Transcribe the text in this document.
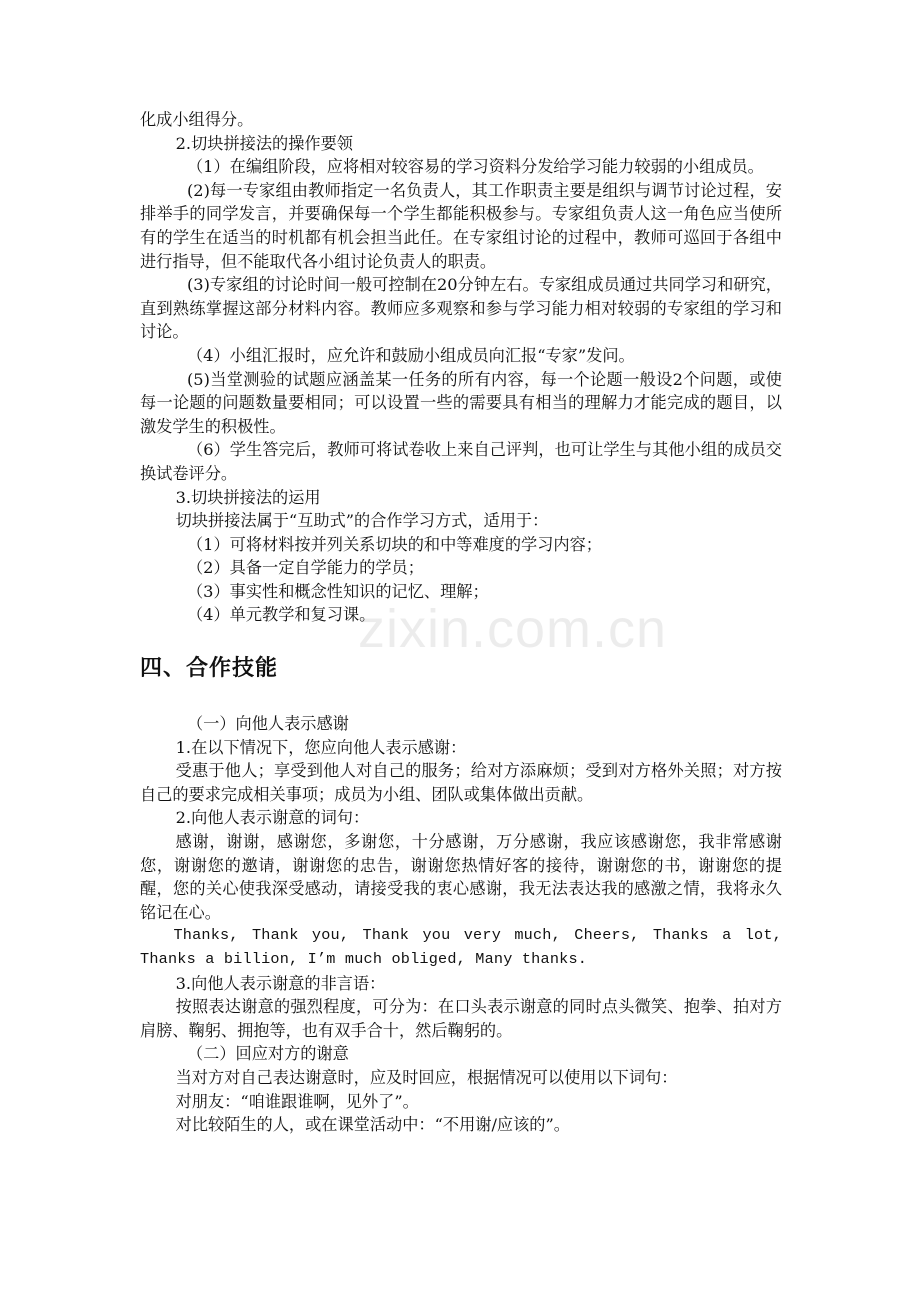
化成小组得分。

2.切块拼接法的操作要领

（1）在编组阶段，应将相对较容易的学习资料分发给学习能力较弱的小组成员。

(2)每一专家组由教师指定一名负责人，其工作职责主要是组织与调节讨论过程，安排举手的同学发言，并要确保每一个学生都能积极参与。专家组负责人这一角色应当使所有的学生在适当的时机都有机会担当此任。在专家组讨论的过程中，教师可巡回于各组中进行指导，但不能取代各小组讨论负责人的职责。

(3)专家组的讨论时间一般可控制在20分钟左右。专家组成员通过共同学习和研究，直到熟练掌握这部分材料内容。教师应多观察和参与学习能力相对较弱的专家组的学习和讨论。

（4）小组汇报时，应允许和鼓励小组成员向汇报“专家”发问。

(5)当堂测验的试题应涵盖某一任务的所有内容，每一个论题一般设2个问题，或使每一论题的问题数量要相同；可以设置一些的需要具有相当的理解力才能完成的题目，以激发学生的积极性。

（6）学生答完后，教师可将试卷收上来自己评判，也可让学生与其他小组的成员交换试卷评分。

3.切块拼接法的运用

切块拼接法属于“互助式”的合作学习方式，适用于：

（1）可将材料按并列关系切块的和中等难度的学习内容；

（2）具备一定自学能力的学员；

（3）事实性和概念性知识的记忆、理解；

（4）单元教学和复习课。

四、合作技能

（一）向他人表示感谢

1.在以下情况下，您应向他人表示感谢：

受惠于他人；享受到他人对自己的服务；给对方添麻烦；受到对方格外关照；对方按自己的要求完成相关事项；成员为小组、团队或集体做出贡献。

2.向他人表示谢意的词句：

感谢，谢谢，感谢您，多谢您，十分感谢，万分感谢，我应该感谢您，我非常感谢您，谢谢您的邀请，谢谢您的忠告，谢谢您热情好客的接待，谢谢您的书，谢谢您的提醒，您的关心使我深受感动，请接受我的衷心感谢，我无法表达我的感激之情，我将永久铭记在心。

Thanks, Thank you, Thank you very much, Cheers, Thanks a lot, Thanks a billion, I’m much obliged, Many thanks.

3.向他人表示谢意的非言语：

按照表达谢意的强烈程度，可分为：在口头表示谢意的同时点头微笑、抱拳、拍对方肩膀、鞠躬、拥抱等，也有双手合十，然后鞠躬的。

（二）回应对方的谢意

当对方对自己表达谢意时，应及时回应，根据情况可以使用以下词句：

对朋友：“咱谁跟谁啊，见外了”。

对比较陌生的人，或在课堂活动中：“不用谢/应该的”。

zixin.com.cn
